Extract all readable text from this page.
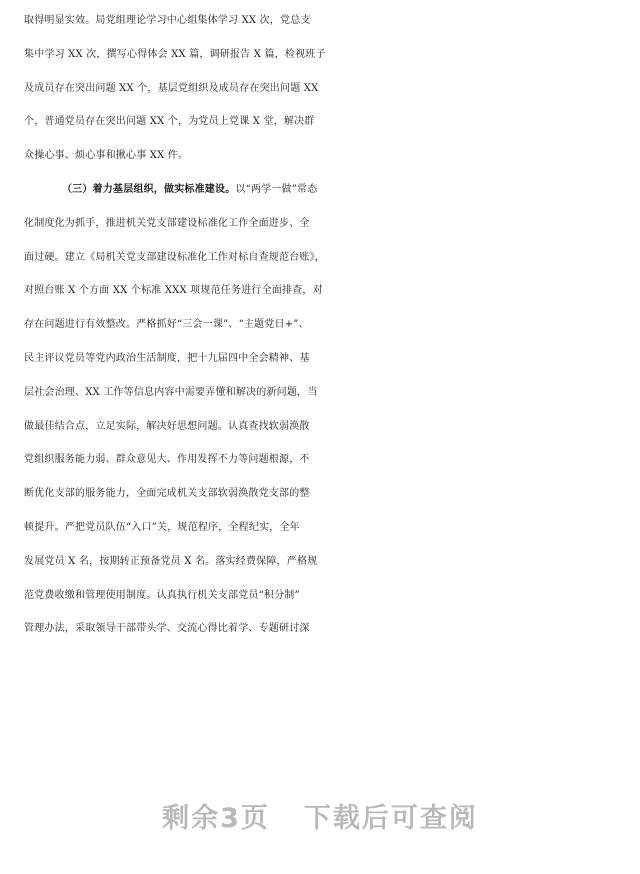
取得明显实效。局党组理论学习中心组集体学习 XX 次，党总支
集中学习 XX 次，撰写心得体会 XX 篇，调研报告 X 篇，检视班子
及成员存在突出问题 XX 个，基层党组织及成员存在突出问题 XX
个，普通党员存在突出问题 XX 个，为党员上党课 X 堂，解决群
众操心事、烦心事和揪心事 XX 件。
（三）着力基层组织，做实标准建设。以“两学一做”常态
化制度化为抓手，推进机关党支部建设标准化工作全面进步、全
面过硬。建立《局机关党支部建设标准化工作对标自查规范台账》，
对照台账 X 个方面 XX 个标准 XXX 项规范任务进行全面排查，对
存在问题进行有效整改。严格抓好“三会一课”、“主题党日+”、
民主评议党员等党内政治生活制度，把十九届四中全会精神、基
层社会治理、XX 工作等信息内容中需要弄懂和解决的新问题，当
做最佳结合点，立足实际，解决好思想问题。认真查找软弱涣散
党组织服务能力弱、群众意见大、作用发挥不力等问题根源，不
断优化支部的服务能力，全面完成机关支部软弱涣散党支部的整
顿提升。严把党员队伍“入口”关，规范程序，全程纪实，全年
发展党员 X 名，按期转正预备党员 X 名。落实经费保障，严格规
范党费收缴和管理使用制度。认真执行机关支部党员“积分制”
管理办法，采取领导干部带头学、交流心得比着学、专题研讨深
剩余3页 下载后可查阅
